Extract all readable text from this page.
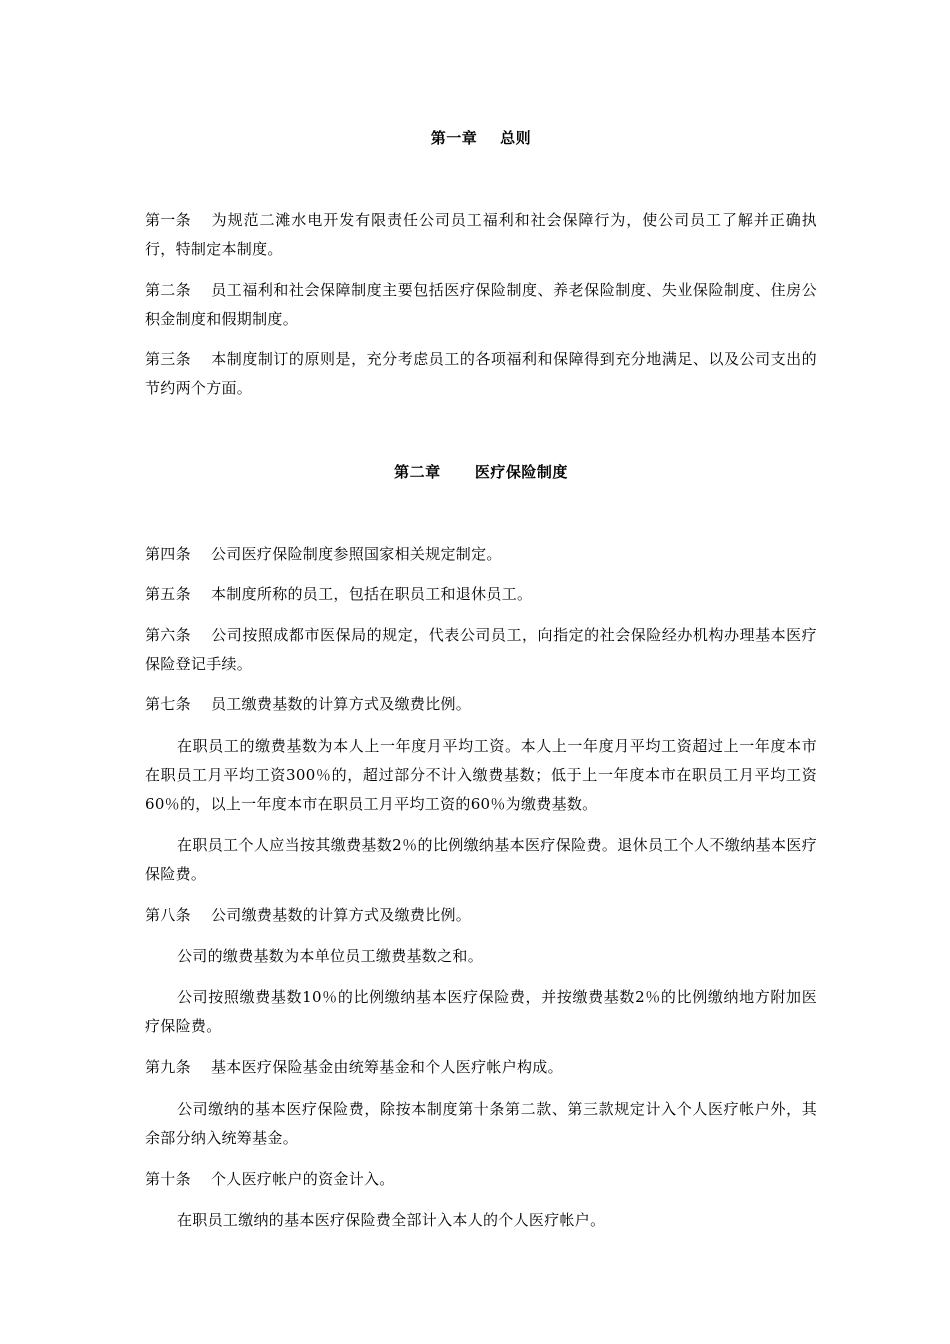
第一章    总则
第一条 为规范二滩水电开发有限责任公司员工福利和社会保障行为，使公司员工了解并正确执行，特制定本制度。
第二条 员工福利和社会保障制度主要包括医疗保险制度、养老保险制度、失业保险制度、住房公积金制度和假期制度。
第三条 本制度制订的原则是，充分考虑员工的各项福利和保障得到充分地满足、以及公司支出的节约两个方面。
第二章      医疗保险制度
第四条 公司医疗保险制度参照国家相关规定制定。
第五条 本制度所称的员工，包括在职员工和退休员工。
第六条 公司按照成都市医保局的规定，代表公司员工，向指定的社会保险经办机构办理基本医疗保险登记手续。
第七条 员工缴费基数的计算方式及缴费比例。
在职员工的缴费基数为本人上一年度月平均工资。本人上一年度月平均工资超过上一年度本市在职员工月平均工资300％的，超过部分不计入缴费基数；低于上一年度本市在职员工月平均工资60％的，以上一年度本市在职员工月平均工资的60％为缴费基数。
在职员工个人应当按其缴费基数2％的比例缴纳基本医疗保险费。退休员工个人不缴纳基本医疗保险费。
第八条 公司缴费基数的计算方式及缴费比例。
公司的缴费基数为本单位员工缴费基数之和。
公司按照缴费基数10％的比例缴纳基本医疗保险费，并按缴费基数2％的比例缴纳地方附加医疗保险费。
第九条 基本医疗保险基金由统筹基金和个人医疗帐户构成。
公司缴纳的基本医疗保险费，除按本制度第十条第二款、第三款规定计入个人医疗帐户外，其余部分纳入统筹基金。
第十条 个人医疗帐户的资金计入。
在职员工缴纳的基本医疗保险费全部计入本人的个人医疗帐户。
